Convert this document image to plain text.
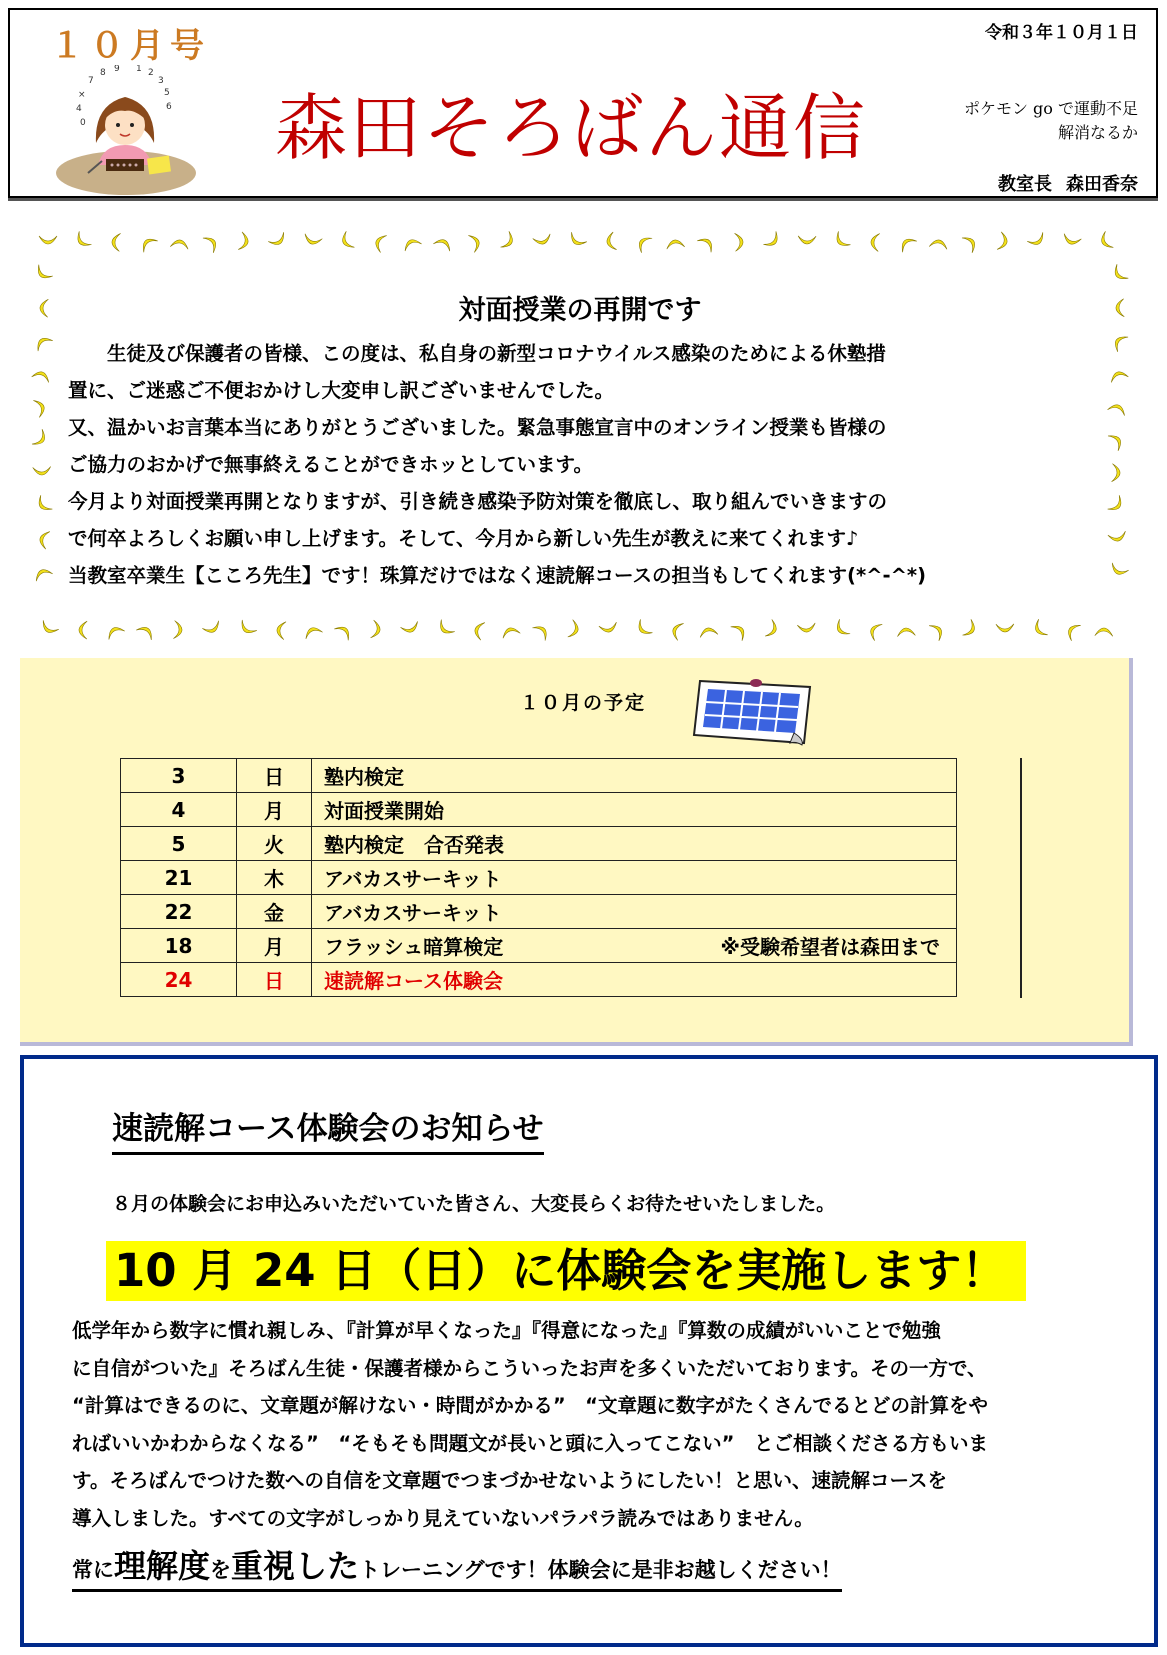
１０月号	令和３年１０月１日
7
8 9 1 2
3
5
6
×
4
0	森田そろばん通信	ポケモン go で運動不足
解消なるか
教室長 森田香奈
対面授業の再開です

　　生徒及び保護者の皆様、この度は、私自身の新型コロナウイルス感染のためによる休塾措

置に、ご迷惑ご不便おかけし大変申し訳ございませんでした。

又、温かいお言葉本当にありがとうございました。緊急事態宣言中のオンライン授業も皆様の

ご協力のおかげで無事終えることができホッとしています。

今月より対面授業再開となりますが、引き続き感染予防対策を徹底し、取り組んでいきますの

で何卒よろしくお願い申し上げます。そして、今月から新しい先生が教えに来てくれます♪

当教室卒業生【こころ先生】です！珠算だけではなく速読解コースの担当もしてくれます(*^-^*)

１０月の予定
3	日	塾内検定
4	月	対面授業開始
5	火	塾内検定　合否発表
21	木	アバカスサーキット
22	金	アバカスサーキット
18	月	フラッシュ暗算検定 ※受験希望者は森田まで

24	日	速読解コース体験会
速読解コース体験会のお知らせ
８月の体験会にお申込みいただいていた皆さん、大変長らくお待たせいたしました。
10 月 24 日（日）に体験会を実施します！

低学年から数字に慣れ親しみ、『計算が早くなった』『得意になった』『算数の成績がいいことで勉強

に自信がついた』そろばん生徒・保護者様からこういったお声を多くいただいております。その一方で、

“計算はできるのに、文章題が解けない・時間がかかる”　“文章題に数字がたくさんでるとどの計算をや

ればいいかわからなくなる”　“そもそも問題文が長いと頭に入ってこない”　とご相談くださる方もいま

す。そろばんでつけた数への自信を文章題でつまづかせないようにしたい！と思い、速読解コースを

導入しました。すべての文字がしっかり見えていないパラパラ読みではありません。

常に理解度を重視したトレーニングです！体験会に是非お越しください！
